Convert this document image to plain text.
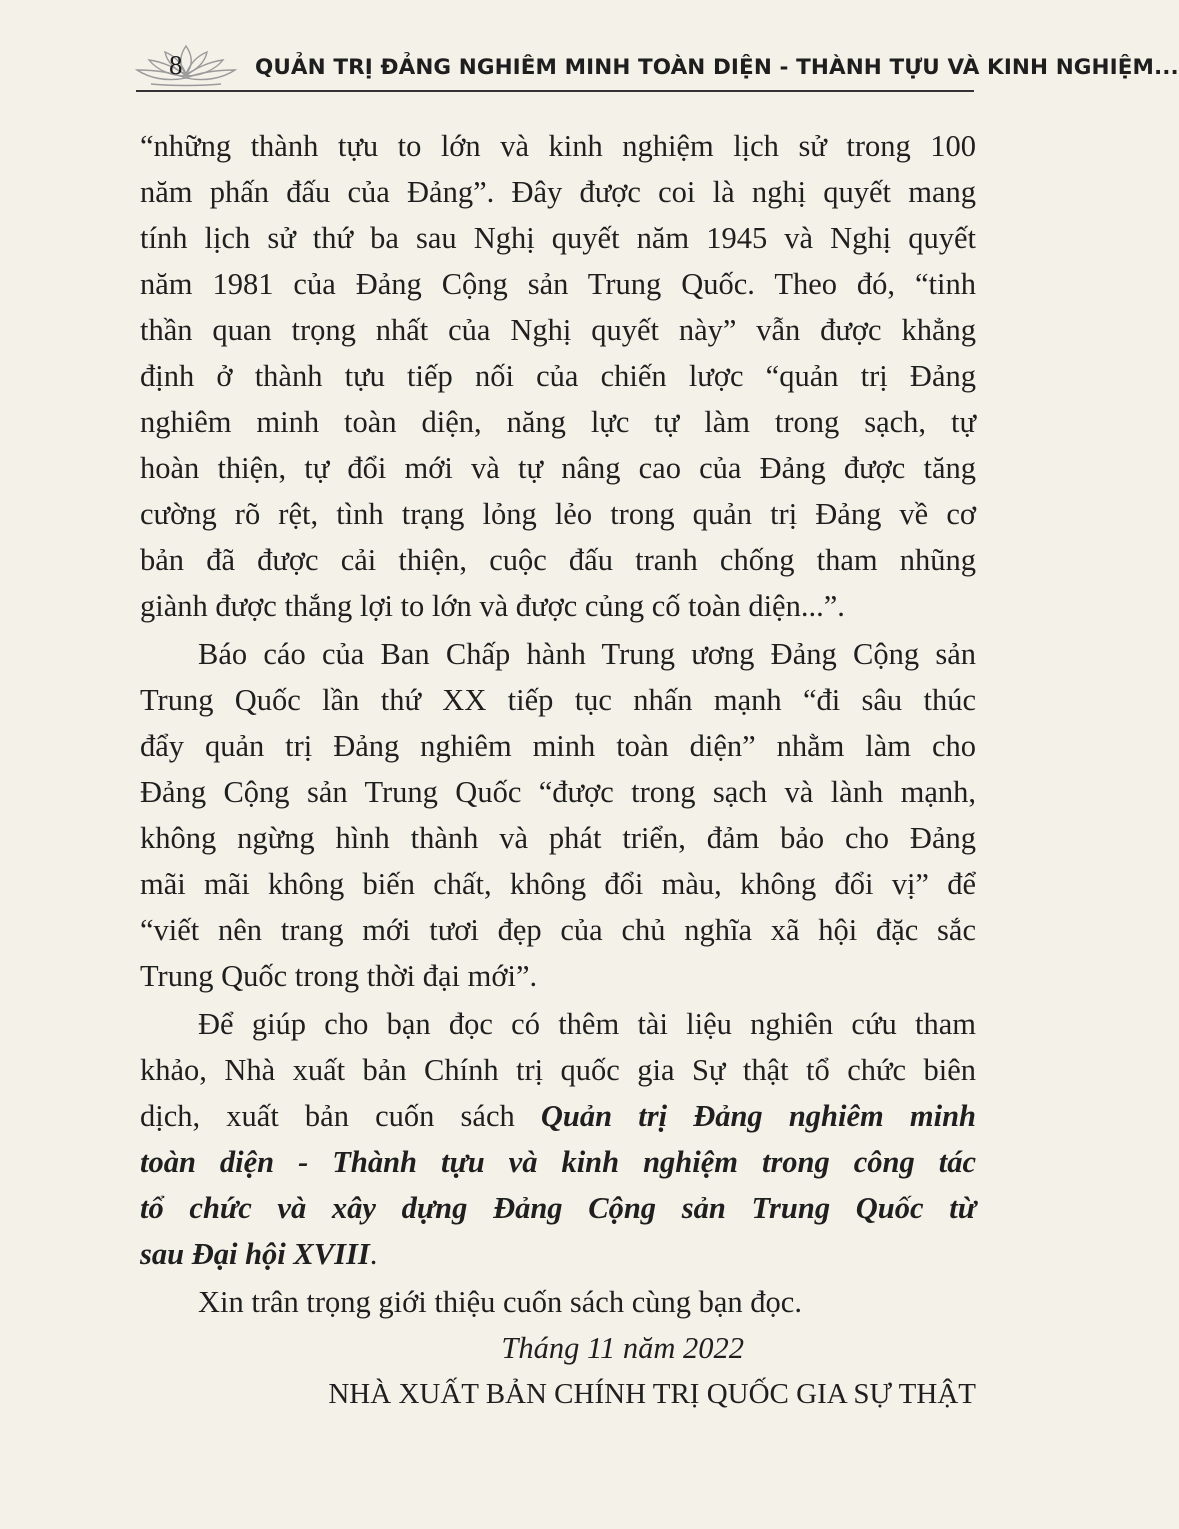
8	QUẢN TRỊ ĐẢNG NGHIÊM MINH TOÀN DIỆN - THÀNH TỰU VÀ KINH NGHIỆM...
“những thành tựu to lớn và kinh nghiệm lịch sử trong 100
năm phấn đấu của Đảng”. Đây được coi là nghị quyết mang
tính lịch sử thứ ba sau Nghị quyết năm 1945 và Nghị quyết
năm 1981 của Đảng Cộng sản Trung Quốc. Theo đó, “tinh
thần quan trọng nhất của Nghị quyết này” vẫn được khẳng
định ở thành tựu tiếp nối của chiến lược “quản trị Đảng
nghiêm minh toàn diện, năng lực tự làm trong sạch, tự
hoàn thiện, tự đổi mới và tự nâng cao của Đảng được tăng
cường rõ rệt, tình trạng lỏng lẻo trong quản trị Đảng về cơ
bản đã được cải thiện, cuộc đấu tranh chống tham nhũng
giành được thắng lợi to lớn và được củng cố toàn diện...”.
Báo cáo của Ban Chấp hành Trung ương Đảng Cộng sản
Trung Quốc lần thứ XX tiếp tục nhấn mạnh “đi sâu thúc
đẩy quản trị Đảng nghiêm minh toàn diện” nhằm làm cho
Đảng Cộng sản Trung Quốc “được trong sạch và lành mạnh,
không ngừng hình thành và phát triển, đảm bảo cho Đảng
mãi mãi không biến chất, không đổi màu, không đổi vị” để
“viết nên trang mới tươi đẹp của chủ nghĩa xã hội đặc sắc
Trung Quốc trong thời đại mới”.
Để giúp cho bạn đọc có thêm tài liệu nghiên cứu tham
khảo, Nhà xuất bản Chính trị quốc gia Sự thật tổ chức biên
dịch, xuất bản cuốn sách Quản trị Đảng nghiêm minh
toàn diện - Thành tựu và kinh nghiệm trong công tác
tổ chức và xây dựng Đảng Cộng sản Trung Quốc từ
sau Đại hội XVIII.
Xin trân trọng giới thiệu cuốn sách cùng bạn đọc.
Tháng 11 năm 2022
NHÀ XUẤT BẢN CHÍNH TRỊ QUỐC GIA SỰ THẬT
